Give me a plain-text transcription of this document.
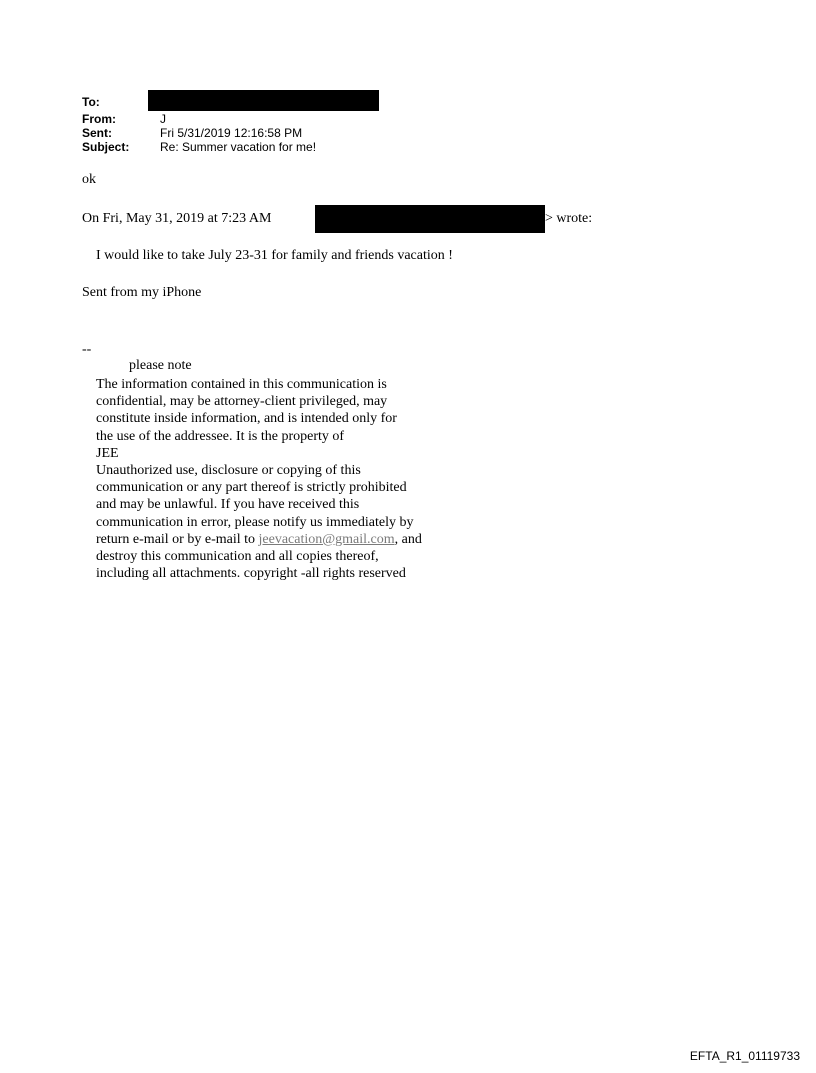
To:
From:	J
Sent:	Fri 5/31/2019 12:16:58 PM
Subject:	Re: Summer vacation for me!
ok
On Fri, May 31, 2019 at 7:23 AM	> wrote:
I would like to take July 23-31 for family and friends vacation !
Sent from my iPhone
--
please note
The information contained in this communication is
confidential, may be attorney-client privileged, may
constitute inside information, and is intended only for
the use of the addressee. It is the property of
JEE
Unauthorized use, disclosure or copying of this
communication or any part thereof is strictly prohibited
and may be unlawful. If you have received this
communication in error, please notify us immediately by
return e-mail or by e-mail to jeevacation@gmail.com, and
destroy this communication and all copies thereof,
including all attachments. copyright -all rights reserved
EFTA_R1_01119733
